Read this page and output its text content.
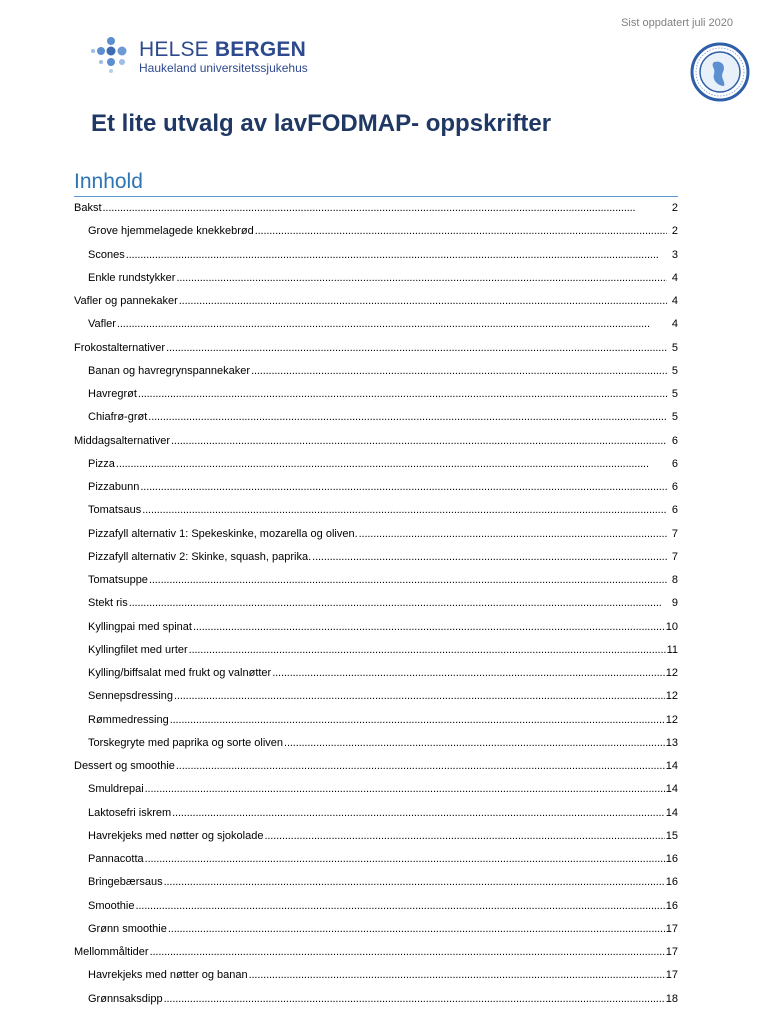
Sist oppdatert juli 2020
HELSE BERGEN
Haukeland universitetssjukehus
Et lite utvalg av lavFODMAP- oppskrifter
Innhold
Bakst . . .	2
Grove hjemmelagede knekkebrød . . .	2
Scones . . .	3
Enkle rundstykker . . .	4
Vafler og pannekaker . . .	4
Vafler . . .	4
Frokostalternativer . . .	5
Banan og havregrynspannekaker . . .	5
Havregrøt . . .	5
Chiafrø-grøt . . .	5
Middagsalternativer . . .	6
Pizza . . .	6
Pizzabunn . . .	6
Tomatsaus . . .	6
Pizzafyll alternativ 1: Spekeskinke, mozarella og oliven. . . .	7
Pizzafyll alternativ 2: Skinke, squash, paprika. . . .	7
Tomatsuppe . . .	8
Stekt ris . . .	9
Kyllingpai med spinat . . .	10
Kyllingfilet med urter . . .	11
Kylling/biffsalat med frukt og valnøtter . . .	12
Sennepsdressing . . .	12
Rømmedressing . . .	12
Torskegryte med paprika og sorte oliven . . .	13
Dessert og smoothie . . .	14
Smuldrepai . . .	14
Laktosefri iskrem . . .	14
Havrekjeks med nøtter og sjokolade . . .	15
Pannacotta . . .	16
Bringebærsaus . . .	16
Smoothie . . .	16
Grønn smoothie . . .	17
Mellommåltider . . .	17
Havrekjeks med nøtter og banan . . .	17
Grønnsaksdipp . . .	18
